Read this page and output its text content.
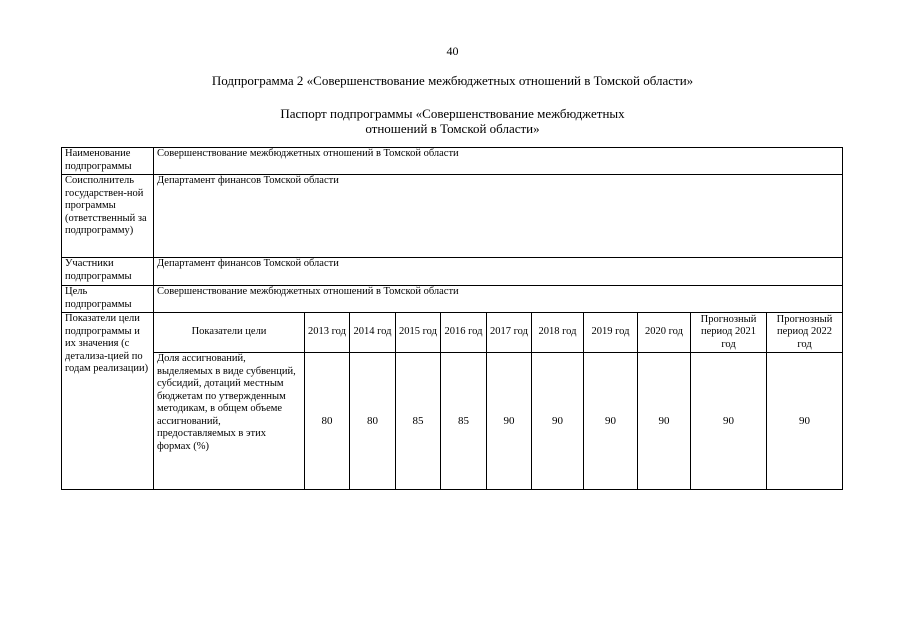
40
Подпрограмма 2 «Совершенствование межбюджетных отношений в Томской области»
Паспорт подпрограммы «Совершенствование межбюджетных
отношений в Томской области»
Наименование подпрограммы	Совершенствование межбюджетных отношений в Томской области										
Соисполнитель государствен-ной программы (ответственный за подпрограмму)	Департамент финансов Томской области										
Участники подпрограммы	Департамент финансов Томской области										
Цель подпрограммы	Совершенствование межбюджетных отношений в Томской области										
Показатели цели подпрограммы и их значения (с детализа-цией по годам реализации)	Показатели цели	2013 год	2014 год	2015 год	2016 год	2017 год	2018 год	2019 год	2020 год	Прогнозный период 2021 год	Прогнозный период 2022 год
	Доля ассигнований, выделяемых в виде субвенций, субсидий, дотаций местным бюджетам по утвержденным методикам, в общем объеме ассигнований, предоставляемых в этих формах (%)	80	80	85	85	90	90	90	90	90	90
